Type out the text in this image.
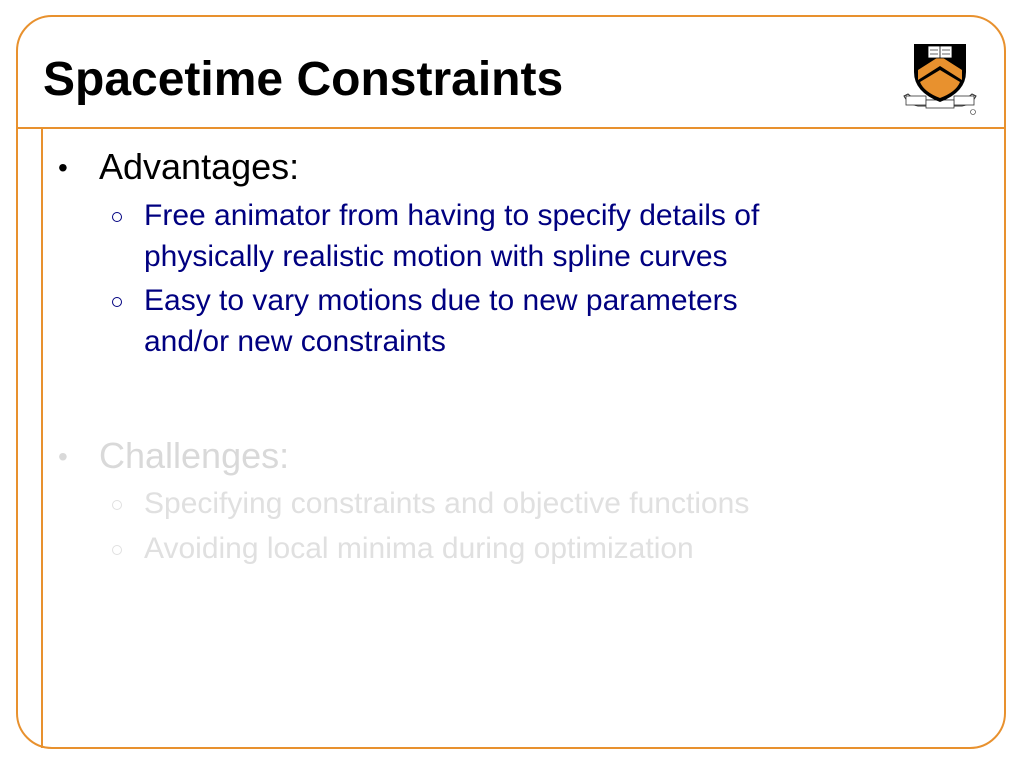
Spacetime Constraints
• Advantages:
Free animator from having to specify details of
physically realistic motion with spline curves
Easy to vary motions due to new parameters
and/or new constraints
• Challenges:
Specifying constraints and objective functions
Avoiding local minima during optimization
